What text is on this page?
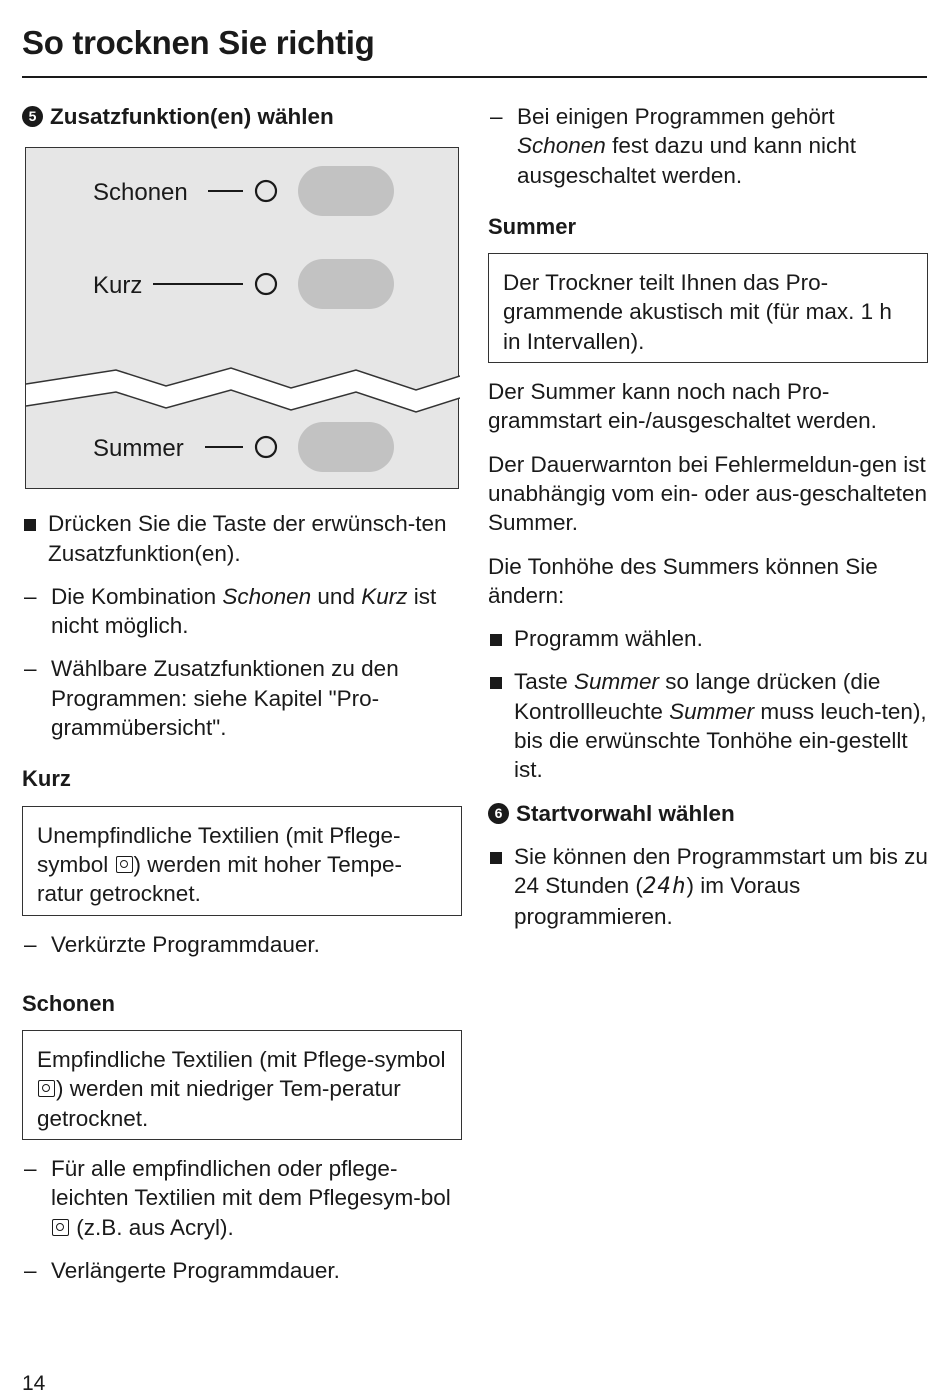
So trocknen Sie richtig
5 Zusatzfunktion(en) wählen
Schonen
Kurz
Summer
Drücken Sie die Taste der erwünsch-ten Zusatzfunktion(en).
– Die Kombination Schonen und Kurz ist nicht möglich.
– Wählbare Zusatzfunktionen zu den Programmen: siehe Kapitel "Pro-grammübersicht".
Kurz
Unempfindliche Textilien (mit Pflege-symbol ) werden mit hoher Tempe-ratur getrocknet.
– Verkürzte Programmdauer.
Schonen
Empfindliche Textilien (mit Pflege-symbol ) werden mit niedriger Tem-peratur getrocknet.
– Für alle empfindlichen oder pflege-leichten Textilien mit dem Pflegesym-bol  (z.B. aus Acryl).
– Verlängerte Programmdauer.
– Bei einigen Programmen gehört Schonen fest dazu und kann nicht ausgeschaltet werden.
Summer
Der Trockner teilt Ihnen das Pro-grammende akustisch mit (für max. 1 h in Intervallen).
Der Summer kann noch nach Pro-grammstart ein-/ausgeschaltet werden.
Der Dauerwarnton bei Fehlermeldun-gen ist unabhängig vom ein- oder aus-geschalteten Summer.
Die Tonhöhe des Summers können Sie ändern:
Programm wählen.
Taste Summer so lange drücken (die Kontrollleuchte Summer muss leuch-ten), bis die erwünschte Tonhöhe ein-gestellt ist.
6 Startvorwahl wählen
Sie können den Programmstart um bis zu 24 Stunden (24h) im Voraus programmieren.
14
